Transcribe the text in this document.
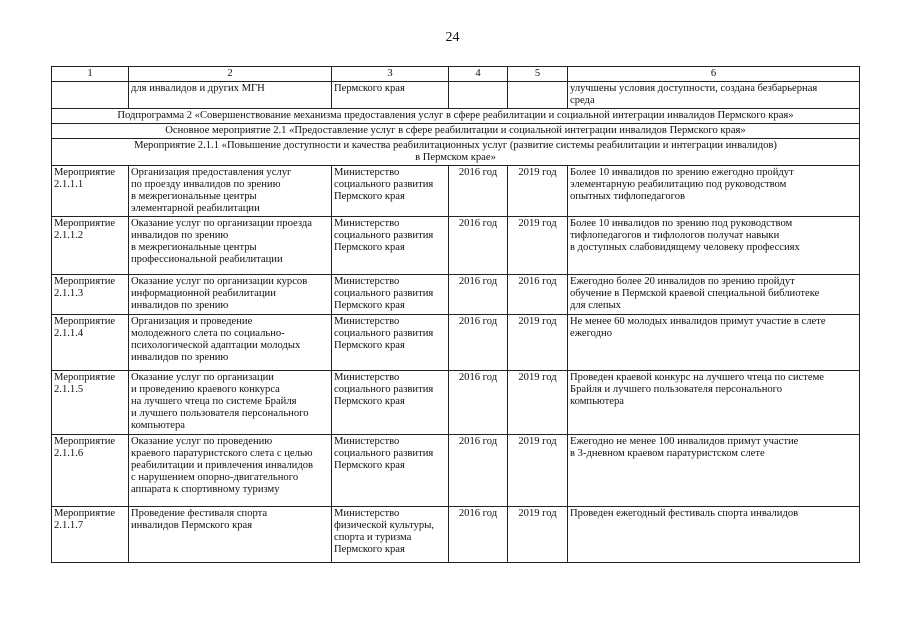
24
1	2	3	4	5	6
	для инвалидов и других МГН	Пермского края			улучшены условия доступности, создана безбарьерная
среда
Подпрограмма 2 «Совершенствование механизма предоставления услуг в сфере реабилитации и социальной интеграции инвалидов Пермского края»					
Основное мероприятие 2.1 «Предоставление услуг в сфере реабилитации и социальной интеграции инвалидов Пермского края»					
Мероприятие 2.1.1 «Повышение доступности и качества реабилитационных услуг (развитие системы реабилитации и интеграции инвалидов)
в Пермском крае»					
Мероприятие
2.1.1.1	Организация предоставления услуг
по проезду инвалидов по зрению
в межрегиональные центры
элементарной реабилитации	Министерство
социального развития
Пермского края	2016 год	2019 год	Более 10 инвалидов по зрению ежегодно пройдут
элементарную реабилитацию под руководством
опытных тифлопедагогов
Мероприятие
2.1.1.2	Оказание услуг по организации проезда
инвалидов по зрению
в межрегиональные центры
профессиональной реабилитации	Министерство
социального развития
Пермского края	2016 год	2019 год	Более 10 инвалидов по зрению под руководством
тифлопедагогов и тифлологов получат навыки
в доступных слабовидящему человеку профессиях
Мероприятие
2.1.1.3	Оказание услуг по организации курсов
информационной реабилитации
инвалидов по зрению	Министерство
социального развития
Пермского края	2016 год	2016 год	Ежегодно более 20 инвалидов по зрению пройдут
обучение в Пермской краевой специальной библиотеке
для слепых
Мероприятие
2.1.1.4	Организация и проведение
молодежного слета по социально-
психологической адаптации молодых
инвалидов по зрению	Министерство
социального развития
Пермского края	2016 год	2019 год	Не менее 60 молодых инвалидов примут участие в слете
ежегодно
Мероприятие
2.1.1.5	Оказание услуг по организации
и проведению краевого конкурса
на лучшего чтеца по системе Брайля
и лучшего пользователя персонального
компьютера	Министерство
социального развития
Пермского края	2016 год	2019 год	Проведен краевой конкурс на лучшего чтеца по системе
Брайля и лучшего пользователя персонального
компьютера
Мероприятие
2.1.1.6	Оказание услуг по проведению
краевого паратуристского слета с целью
реабилитации и привлечения инвалидов
с нарушением опорно-двигательного
аппарата к спортивному туризму	Министерство
социального развития
Пермского края	2016 год	2019 год	Ежегодно не менее 100 инвалидов примут участие
в 3-дневном краевом паратуристском слете
Мероприятие
2.1.1.7	Проведение фестиваля спорта
инвалидов Пермского края	Министерство
физической культуры,
спорта и туризма
Пермского края	2016 год	2019 год	Проведен ежегодный фестиваль спорта инвалидов
